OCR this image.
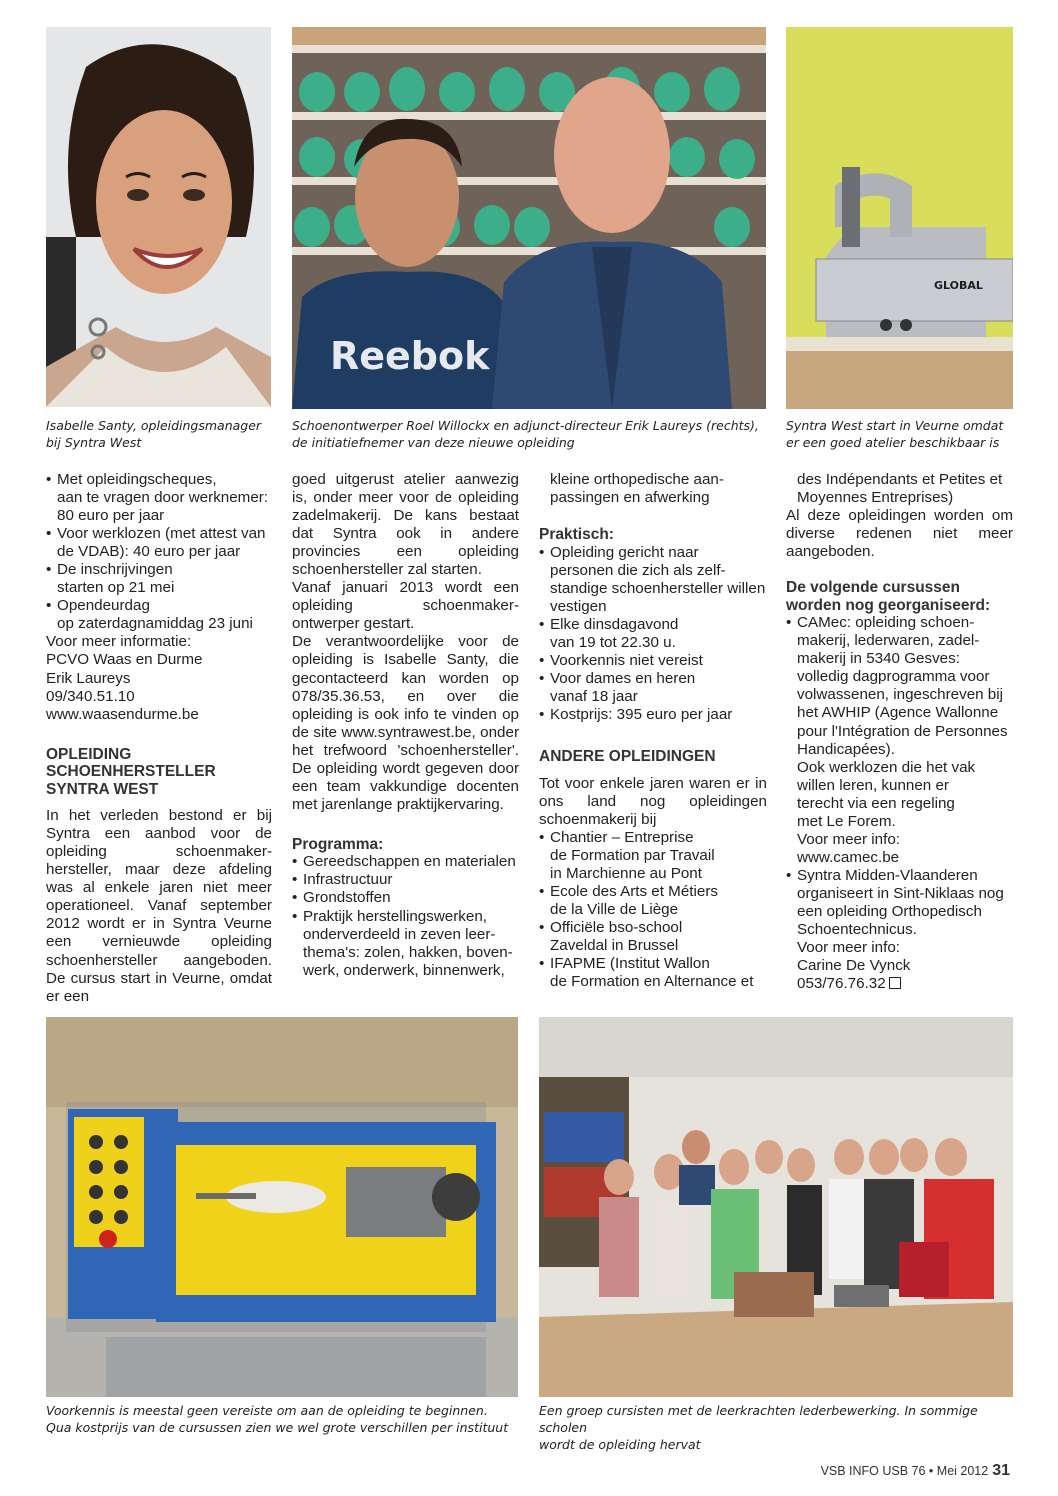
Isabelle Santy, opleidingsmanager bij Syntra West
Reebok
Schoenontwerper Roel Willockx en adjunct-directeur Erik Laureys (rechts), de initiatiefnemer van deze nieuwe opleiding
GLOBAL
Syntra West start in Veurne omdat er een goed atelier beschikbaar is

• Met opleidingscheques,

aan te vragen door werknemer:

80 euro per jaar

• Voor werklozen (met attest van

de VDAB): 40 euro per jaar

• De inschrijvingen

starten op 21 mei

• Opendeurdag

op zaterdagnamiddag 23 juni

Voor meer informatie:

PCVO Waas en Durme

Erik Laureys

09/340.51.10

www.waasendurme.be

OPLEIDING

SCHOENHERSTELLER

SYNTRA WEST

In het verleden bestond er bij Syntra een aanbod voor de opleiding schoenmaker-hersteller, maar deze afdeling was al enkele jaren niet meer operationeel. Vanaf september 2012 wordt er in Syntra Veurne een vernieuwde opleiding schoenhersteller aangeboden. De cursus start in Veurne, omdat er een

goed uitgerust atelier aanwezig is, onder meer voor de opleiding zadelmakerij. De kans bestaat dat Syntra ook in andere provincies een opleiding schoenhersteller zal starten.

Vanaf januari 2013 wordt een opleiding schoenmaker-ontwerper gestart.

De verantwoordelijke voor de opleiding is Isabelle Santy, die gecontacteerd kan worden op 078/35.36.53, en over die opleiding is ook info te vinden op de site www.syntrawest.be, onder het trefwoord 'schoenhersteller'. De opleiding wordt gegeven door een team vakkundige docenten met jarenlange praktijkervaring.

Programma:

• Gereedschappen en materialen

• Infrastructuur

• Grondstoffen

• Praktijk herstellingswerken,

onderverdeeld in zeven leer-

thema's: zolen, hakken, boven-

werk, onderwerk, binnenwerk,

kleine orthopedische aan-

passingen en afwerking

Praktisch:

• Opleiding gericht naar

personen die zich als zelf-

standige schoenhersteller willen

vestigen

• Elke dinsdagavond

van 19 tot 22.30 u.

• Voorkennis niet vereist

• Voor dames en heren

vanaf 18 jaar

• Kostprijs: 395 euro per jaar

ANDERE OPLEIDINGEN

Tot voor enkele jaren waren er in ons land nog opleidingen schoenmakerij bij

• Chantier – Entreprise

de Formation par Travail

in Marchienne au Pont

• Ecole des Arts et Métiers

de la Ville de Liège

• Officiële bso-school

Zaveldal in Brussel

• IFAPME (Institut Wallon

de Formation en Alternance et

des Indépendants et Petites et

Moyennes Entreprises)

Al deze opleidingen worden om diverse redenen niet meer aangeboden.

De volgende cursussen

worden nog georganiseerd:

• CAMec: opleiding schoen-

makerij, lederwaren, zadel-

makerij in 5340 Gesves:

volledig dagprogramma voor

volwassenen, ingeschreven bij

het AWHIP (Agence Wallonne

pour l'Intégration de Personnes

Handicapées).

Ook werklozen die het vak

willen leren, kunnen er

terecht via een regeling

met Le Forem.

Voor meer info:

www.camec.be

• Syntra Midden-Vlaanderen

organiseert in Sint-Niklaas nog

een opleiding Orthopedisch

Schoentechnicus.

Voor meer info:

Carine De Vynck

053/76.76.32

Voorkennis is meestal geen vereiste om aan de opleiding te beginnen.
Qua kostprijs van de cursussen zien we wel grote verschillen per instituut
Een groep cursisten met de leerkrachten lederbewerking. In sommige scholen
wordt de opleiding hervat
VSB INFO USB 76 • Mei 2012 31
